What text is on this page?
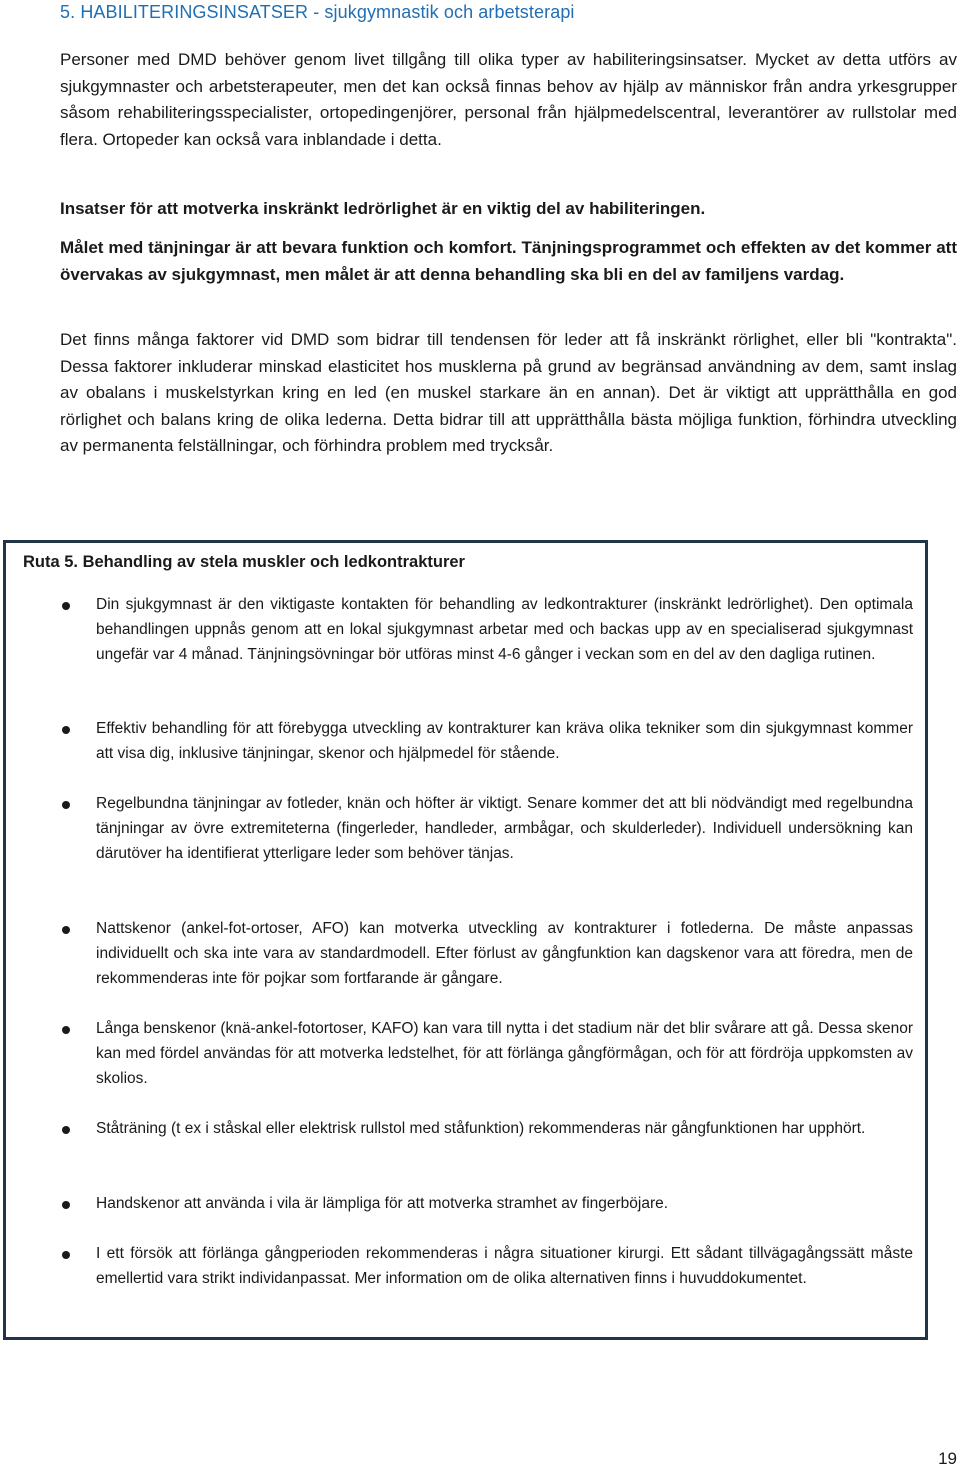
5. HABILITERINGSINSATSER - sjukgymnastik och arbetsterapi

Personer med DMD behöver genom livet tillgång till olika typer av habiliteringsinsatser. Mycket av detta utförs av sjukgymnaster och arbetsterapeuter, men det kan också finnas behov av hjälp av människor från andra yrkesgrupper såsom rehabiliteringsspecialister, ortopedingenjörer, personal från hjälpmedelscentral, leverantörer av rullstolar med flera. Ortopeder kan också vara inblandade i detta.

Insatser för att motverka inskränkt ledrörlighet är en viktig del av habiliteringen.

Målet med tänjningar är att bevara funktion och komfort. Tänjningsprogrammet och effekten av det kommer att övervakas av sjukgymnast, men målet är att denna behandling ska bli en del av familjens vardag.

Det finns många faktorer vid DMD som bidrar till tendensen för leder att få inskränkt rörlighet, eller bli "kontrakta". Dessa faktorer inkluderar minskad elasticitet hos musklerna på grund av begränsad användning av dem, samt inslag av obalans i muskelstyrkan kring en led (en muskel starkare än en annan). Det är viktigt att upprätthålla en god rörlighet och balans kring de olika lederna. Detta bidrar till att upprätthålla bästa möjliga funktion, förhindra utveckling av permanenta felställningar, och förhindra problem med trycksår.

Ruta 5. Behandling av stela muskler och ledkontrakturer

Din sjukgymnast är den viktigaste kontakten för behandling av ledkontrakturer (inskränkt ledrörlighet). Den optimala behandlingen uppnås genom att en lokal sjukgymnast arbetar med och backas upp av en specialiserad sjukgymnast ungefär var 4 månad. Tänjningsövningar bör utföras minst 4-6 gånger i veckan som en del av den dagliga rutinen.

Effektiv behandling för att förebygga utveckling av kontrakturer kan kräva olika tekniker som din sjukgymnast kommer att visa dig, inklusive tänjningar, skenor och hjälpmedel för stående.

Regelbundna tänjningar av fotleder, knän och höfter är viktigt. Senare kommer det att bli nödvändigt med regelbundna tänjningar av övre extremiteterna (fingerleder, handleder, armbågar, och skulderleder). Individuell undersökning kan därutöver ha identifierat ytterligare leder som behöver tänjas.

Nattskenor (ankel-fot-ortoser, AFO) kan motverka utveckling av kontrakturer i fotlederna. De måste anpassas individuellt och ska inte vara av standardmodell. Efter förlust av gångfunktion kan dagskenor vara att föredra, men de rekommenderas inte för pojkar som fortfarande är gångare.

Långa benskenor (knä-ankel-fotortoser, KAFO) kan vara till nytta i det stadium när det blir svårare att gå. Dessa skenor kan med fördel användas för att motverka ledstelhet, för att förlänga gångförmågan, och för att fördröja uppkomsten av skolios.

Ståträning (t ex i ståskal eller elektrisk rullstol med ståfunktion) rekommenderas när gångfunktionen har upphört.

Handskenor att använda i vila är lämpliga för att motverka stramhet av fingerböjare.

I ett försök att förlänga gångperioden rekommenderas i några situationer kirurgi. Ett sådant tillvägagångssätt måste emellertid vara strikt individanpassat. Mer information om de olika alternativen finns i huvuddokumentet.

19
